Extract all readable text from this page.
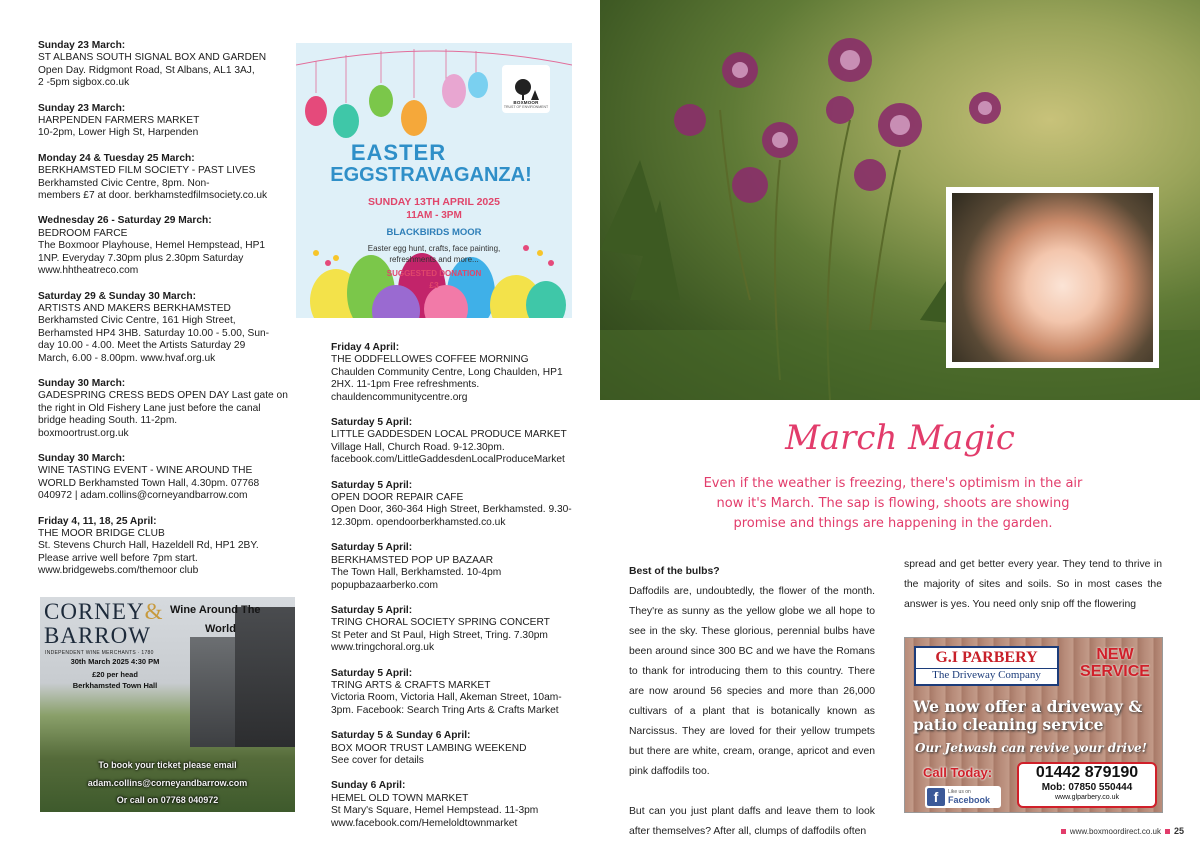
Sunday 23 March:
ST ALBANS SOUTH SIGNAL BOX AND GARDEN
Open Day. Ridgmont Road, St Albans, AL1 3AJ,
2 -5pm sigbox.co.uk
Sunday 23 March:
HARPENDEN FARMERS MARKET
10-2pm, Lower High St, Harpenden
Monday 24 & Tuesday 25 March:
BERKHAMSTED FILM SOCIETY - PAST LIVES
Berkhamsted Civic Centre, 8pm. Non-
members £7 at door. berkhamstedfilmsociety.co.uk
Wednesday 26 - Saturday 29 March:
BEDROOM FARCE
The Boxmoor Playhouse, Hemel Hempstead, HP1
1NP. Everyday 7.30pm plus 2.30pm Saturday
www.hhtheatreco.com
Saturday 29 & Sunday 30 March:
ARTISTS AND MAKERS BERKHAMSTED
Berkhamsted Civic Centre, 161 High Street,
Berhamsted HP4 3HB. Saturday 10.00 - 5.00, Sun-
day 10.00 - 4.00. Meet the Artists Saturday 29
March, 6.00 - 8.00pm. www.hvaf.org.uk
Sunday 30 March:
GADESPRING CRESS BEDS OPEN DAY Last gate on
the right in Old Fishery Lane just before the canal
bridge heading South. 11-2pm.
boxmoortrust.org.uk
Sunday 30 March:
WINE TASTING EVENT - WINE AROUND THE
WORLD Berkhamsted Town Hall, 4.30pm. 07768
040972 | adam.collins@corneyandbarrow.com
Friday 4, 11, 18, 25 April:
THE MOOR BRIDGE CLUB
St. Stevens Church Hall, Hazeldell Rd, HP1 2BY.
Please arrive well before 7pm start.
www.bridgewebs.com/themoor club
BOXMOOR
TRUST OF ENVIRONMENT
EASTER
EGGSTRAVAGANZA!
SUNDAY 13TH APRIL 2025
11AM - 3PM
BLACKBIRDS MOOR
Easter egg hunt, crafts, face painting, refreshments and more...
SUGGESTED DONATION
£3
Friday 4 April:
THE ODDFELLOWES COFFEE MORNING
Chaulden Community Centre, Long Chaulden, HP1
2HX. 11-1pm Free refreshments.
chauldencommunitycentre.org
Saturday 5 April:
LITTLE GADDESDEN LOCAL PRODUCE MARKET
Village Hall, Church Road. 9-12.30pm.
facebook.com/LittleGaddesdenLocalProduceMarket
Saturday 5 April:
OPEN DOOR REPAIR CAFE
Open Door, 360-364 High Street, Berkhamsted. 9.30-
12.30pm. opendoorberkhamsted.co.uk
Saturday 5 April:
BERKHAMSTED POP UP BAZAAR
The Town Hall, Berkhamsted. 10-4pm
popupbazaarberko.com
Saturday 5 April:
TRING CHORAL SOCIETY SPRING CONCERT
St Peter and St Paul, High Street, Tring. 7.30pm
www.tringchoral.org.uk
Saturday 5 April:
TRING ARTS & CRAFTS MARKET
Victoria Room, Victoria Hall, Akeman Street, 10am-
3pm. Facebook: Search Tring Arts & Crafts Market
Saturday 5 & Sunday 6 April:
BOX MOOR TRUST LAMBING WEEKEND
See cover for details
Sunday 6 April:
HEMEL OLD TOWN MARKET
St Mary's Square, Hemel Hempstead. 11-3pm
www.facebook.com/Hemeloldtownmarket
CORNEY&
BARROW
INDEPENDENT WINE MERCHANTS · 1780
30th March 2025 4:30 PM
£20 per head
Berkhamsted Town Hall
Wine Around The
World
To book your ticket please email
adam.collins@corneyandbarrow.com
Or call on 07768 040972
March Magic
Even if the weather is freezing, there's optimism in the air now it's March. The sap is flowing, shoots are showing promise and things are happening in the garden.
Best of the bulbs?

Daffodils are, undoubtedly, the flower of the month. They're as sunny as the yellow globe we all hope to see in the sky. These glorious, perennial bulbs have been around since 300 BC and we have the Romans to thank for introducing them to this country. There are now around 56 species and more than 26,000 cultivars of a plant that is botanically known as Narcissus. They are loved for their yellow trumpets but there are white, cream, orange, apricot and even pink daffodils too.

But can you just plant daffs and leave them to look after themselves? After all, clumps of daffodils often

spread and get better every year. They tend to thrive in the majority of sites and soils. So in most cases the answer is yes. You need only snip off the flowering

G.I PARBERY
The Driveway Company
NEW
SERVICE
We now offer a driveway & patio cleaning service
Our Jetwash can revive your drive!
Call Today:	01442 879190
Mob: 07850 550444
www.glparbery.co.uk
f	Like us on
Facebook
www.boxmoordirect.co.uk 25
